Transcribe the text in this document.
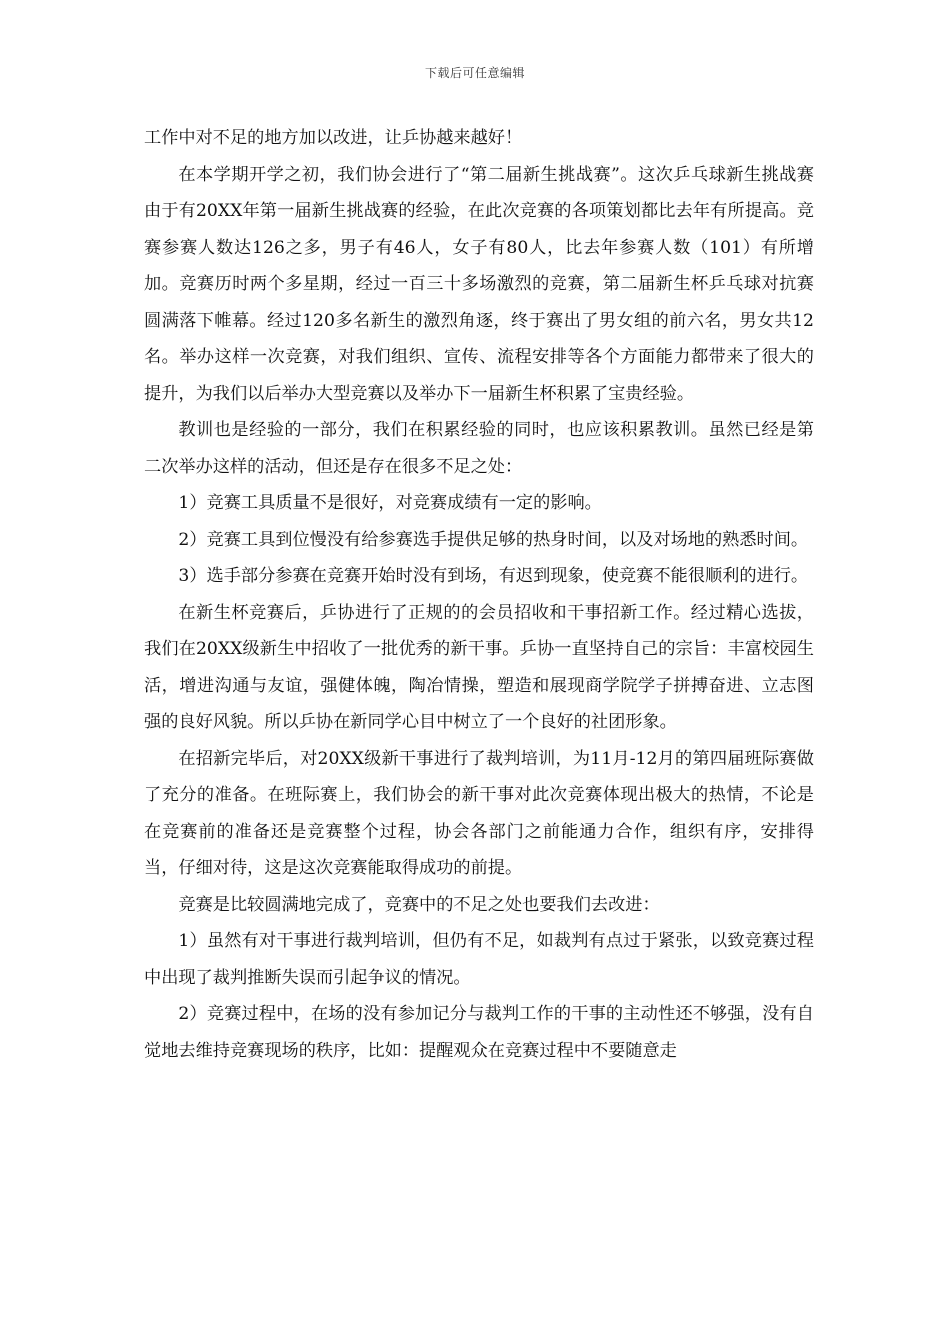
下载后可任意编辑

工作中对不足的地方加以改进，让乒协越来越好！

在本学期开学之初，我们协会进行了“第二届新生挑战赛”。这次乒乓球新生挑战赛由于有20XX年第一届新生挑战赛的经验，在此次竞赛的各项策划都比去年有所提高。竞赛参赛人数达126之多，男子有46人，女子有80人，比去年参赛人数（101）有所增加。竞赛历时两个多星期，经过一百三十多场激烈的竞赛，第二届新生杯乒乓球对抗赛圆满落下帷幕。经过120多名新生的激烈角逐，终于赛出了男女组的前六名，男女共12名。举办这样一次竞赛，对我们组织、宣传、流程安排等各个方面能力都带来了很大的提升，为我们以后举办大型竞赛以及举办下一届新生杯积累了宝贵经验。

教训也是经验的一部分，我们在积累经验的同时，也应该积累教训。虽然已经是第二次举办这样的活动，但还是存在很多不足之处：

1）竞赛工具质量不是很好，对竞赛成绩有一定的影响。

2）竞赛工具到位慢没有给参赛选手提供足够的热身时间，以及对场地的熟悉时间。

3）选手部分参赛在竞赛开始时没有到场，有迟到现象，使竞赛不能很顺利的进行。

在新生杯竞赛后，乒协进行了正规的的会员招收和干事招新工作。经过精心选拔，我们在20XX级新生中招收了一批优秀的新干事。乒协一直坚持自己的宗旨：丰富校园生活，增进沟通与友谊，强健体魄，陶冶情操，塑造和展现商学院学子拼搏奋进、立志图强的良好风貌。所以乒协在新同学心目中树立了一个良好的社团形象。

在招新完毕后，对20XX级新干事进行了裁判培训，为11月-12月的第四届班际赛做了充分的准备。在班际赛上，我们协会的新干事对此次竞赛体现出极大的热情，不论是在竞赛前的准备还是竞赛整个过程，协会各部门之前能通力合作，组织有序，安排得当，仔细对待，这是这次竞赛能取得成功的前提。

竞赛是比较圆满地完成了，竞赛中的不足之处也要我们去改进：

1）虽然有对干事进行裁判培训，但仍有不足，如裁判有点过于紧张，以致竞赛过程中出现了裁判推断失误而引起争议的情况。

2）竞赛过程中，在场的没有参加记分与裁判工作的干事的主动性还不够强，没有自觉地去维持竞赛现场的秩序，比如：提醒观众在竞赛过程中不要随意走
